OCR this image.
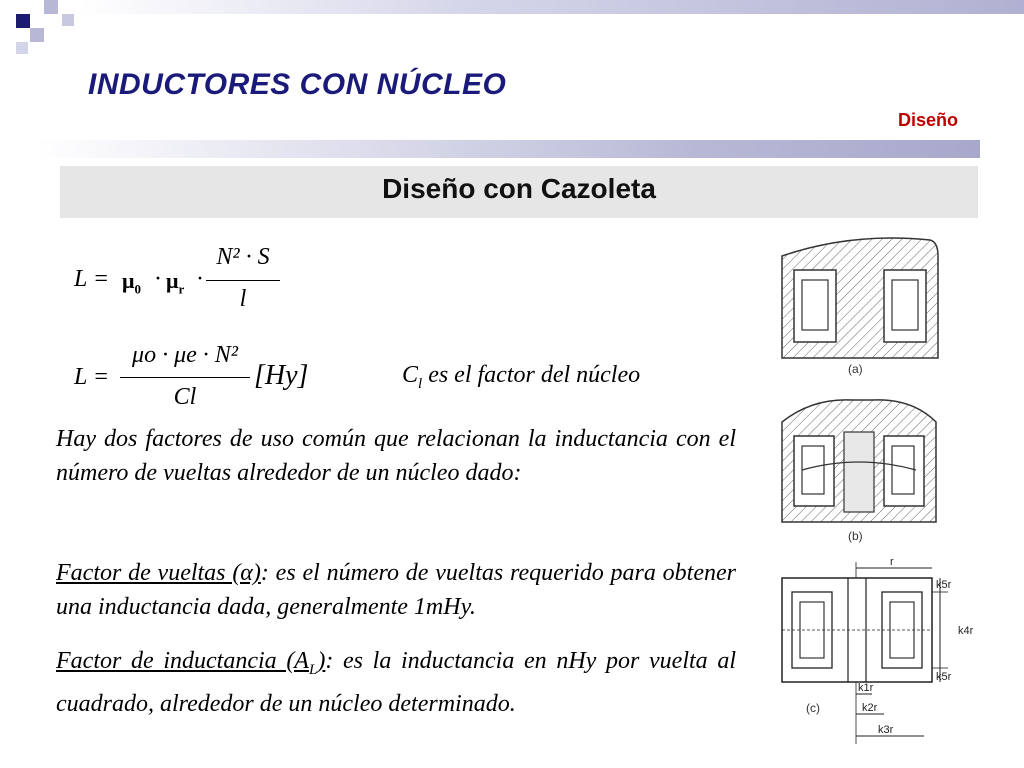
INDUCTORES CON NÚCLEO
Diseño
Diseño con Cazoleta
$L = \mu_0 \cdot \mu_r$ ·
N² · S
l
L =
μo · μe · N²
Cl
[Hy]	$C_l$ es el factor del núcleo
Hay dos factores de uso común que relacionan la inductancia con el número de vueltas alrededor de un núcleo dado:
Factor de vueltas (α): es el número de vueltas requerido para obtener una inductancia dada, generalmente 1mHy.
Factor de inductancia $(A_L)$: es la inductancia en nHy por vuelta al cuadrado, alrededor de un núcleo determinado.
(a)
(b)
r
k5r
k4r
k5r
k1r
k2r
k3r
(c)
